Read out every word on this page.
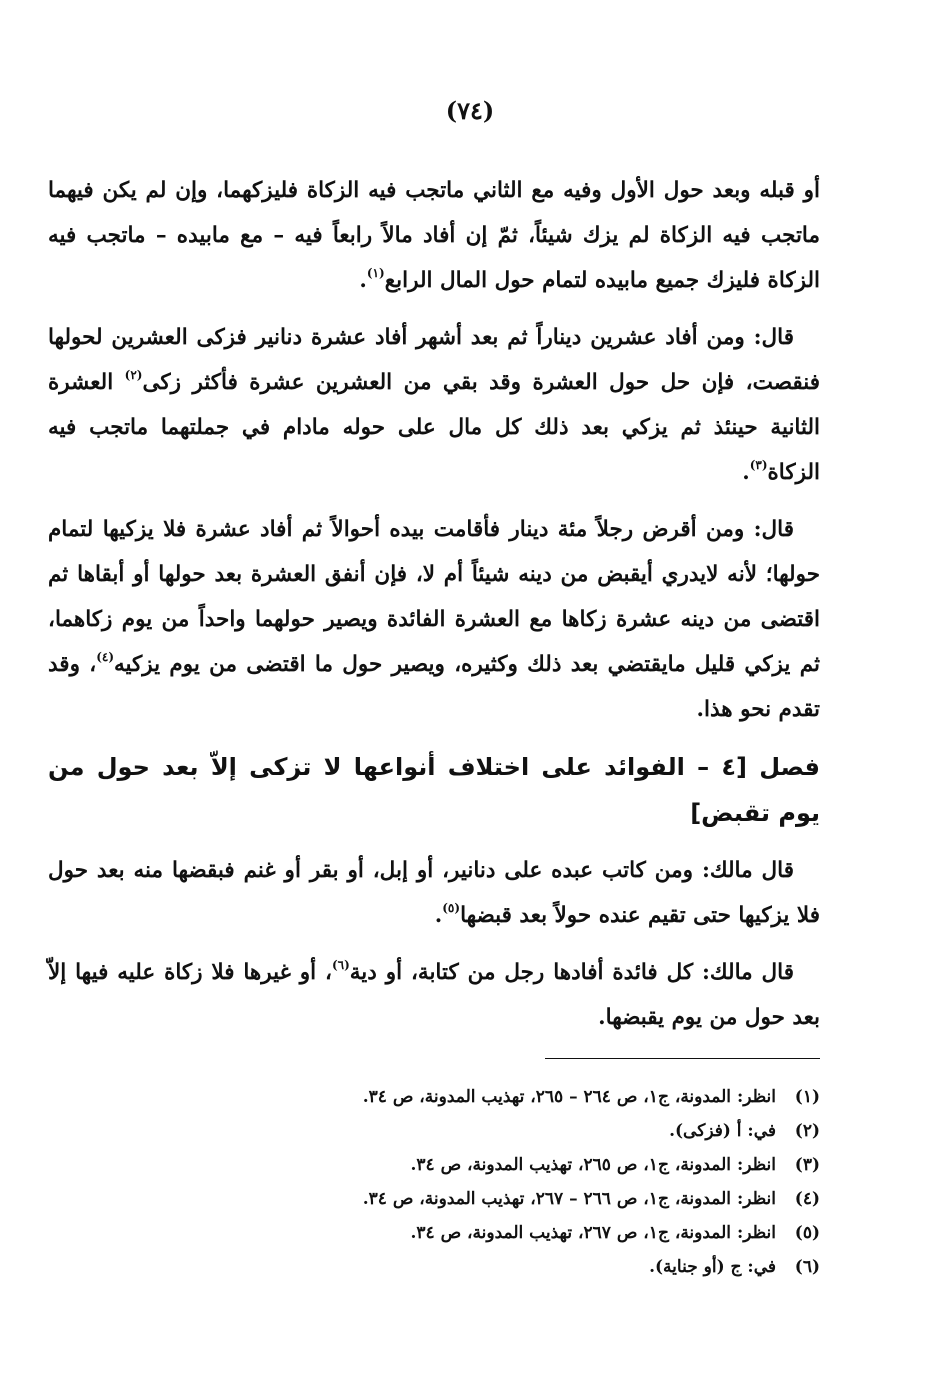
(٧٤)

أو قبله وبعد حول الأول وفيه مع الثاني ماتجب فيه الزكاة فليزكهما، وإن لم يكن فيهما ماتجب فيه الزكاة لم يزك شيئاً، ثمّ إن أفاد مالاً رابعاً فيه – مع مابيده – ماتجب فيه الزكاة فليزك جميع مابيده لتمام حول المال الرابع$^{(١)}$.

قال: ومن أفاد عشرين ديناراً ثم بعد أشهر أفاد عشرة دنانير فزكى العشرين لحولها فنقصت، فإن حل حول العشرة وقد بقي من العشرين عشرة فأكثر زكى$^{(٢)}$ العشرة الثانية حينئذ ثم يزكي بعد ذلك كل مال على حوله مادام في جملتهما ماتجب فيه الزكاة$^{(٣)}$.

قال: ومن أقرض رجلاً مئة دينار فأقامت بيده أحوالاً ثم أفاد عشرة فلا يزكيها لتمام حولها؛ لأنه لايدري أيقبض من دينه شيئاً أم لا، فإن أنفق العشرة بعد حولها أو أبقاها ثم اقتضى من دينه عشرة زكاها مع العشرة الفائدة ويصير حولهما واحداً من يوم زكاهما، ثم يزكي قليل مايقتضي بعد ذلك وكثيره، ويصير حول ما اقتضى من يوم يزكيه$^{(٤)}$، وقد تقدم نحو هذا.

فصل [٤ – الفوائد على اختلاف أنواعها لا تزكى إلاّ بعد حول من يوم تقبض]

قال مالك: ومن كاتب عبده على دنانير، أو إبل، أو بقر أو غنم فبقضها منه بعد حول فلا يزكيها حتى تقيم عنده حولاً بعد قبضها$^{(٥)}$.

قال مالك: كل فائدة أفادها رجل من كتابة، أو دية$^{(٦)}$، أو غيرها فلا زكاة عليه فيها إلاّ بعد حول من يوم يقبضها.

(١)انظر: المدونة، ج١، ص ٢٦٤ – ٢٦٥، تهذيب المدونة، ص ٣٤.

(٢)في: أ (فزكى).

(٣)انظر: المدونة، ج١، ص ٢٦٥، تهذيب المدونة، ص ٣٤.

(٤)انظر: المدونة، ج١، ص ٢٦٦ – ٢٦٧، تهذيب المدونة، ص ٣٤.

(٥)انظر: المدونة، ج١، ص ٢٦٧، تهذيب المدونة، ص ٣٤.

(٦)في: ج (أو جناية).
